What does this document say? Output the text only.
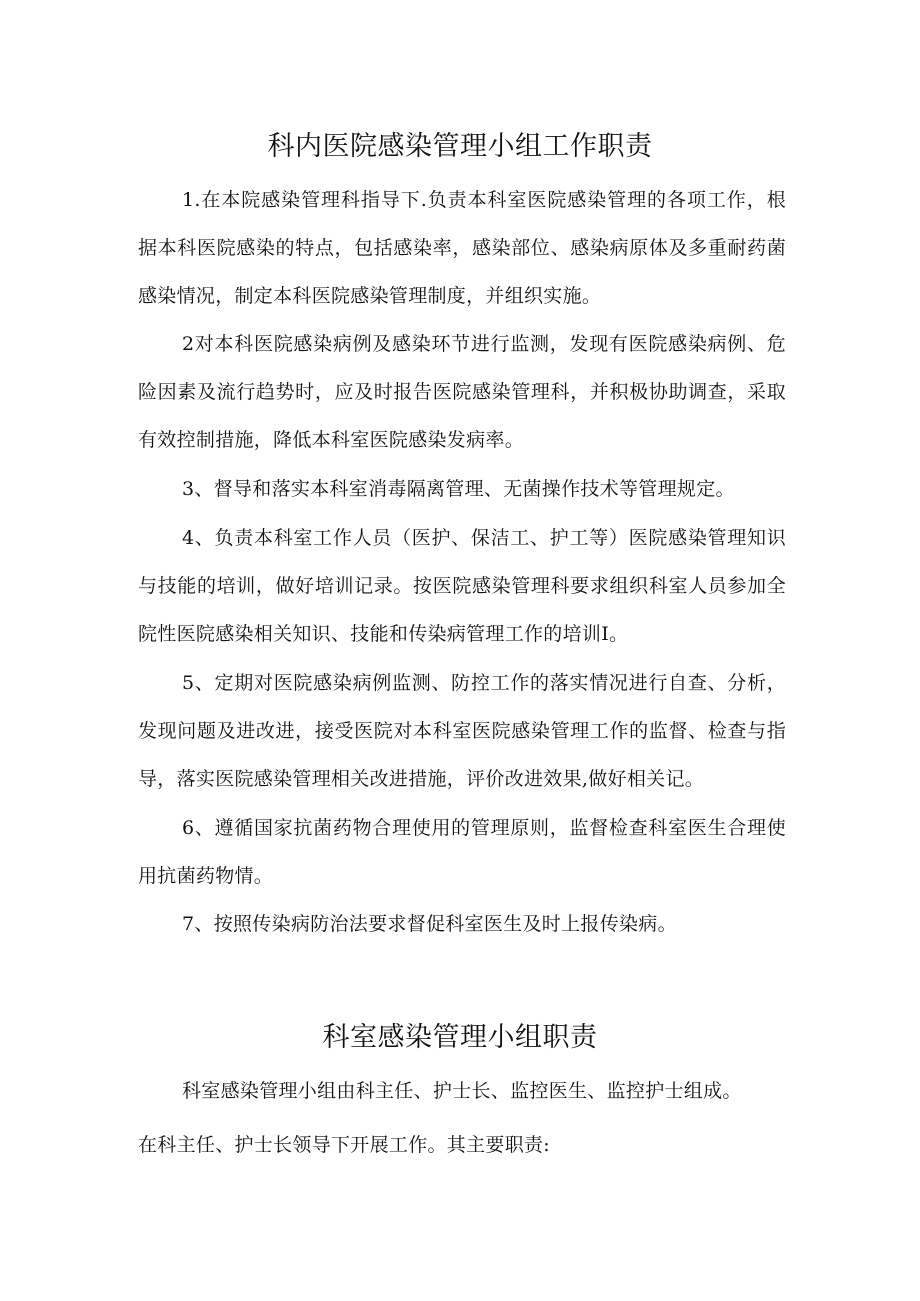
科内医院感染管理小组工作职责

1.在本院感染管理科指导下.负责本科室医院感染管理的各项工作，根据本科医院感染的特点，包括感染率，感染部位、感染病原体及多重耐药菌感染情况，制定本科医院感染管理制度，并组织实施。

2对本科医院感染病例及感染环节进行监测，发现有医院感染病例、危险因素及流行趋势时，应及时报告医院感染管理科，并积极协助调查，采取有效控制措施，降低本科室医院感染发病率。

3、督导和落实本科室消毒隔离管理、无菌操作技术等管理规定。

4、负责本科室工作人员（医护、保洁工、护工等）医院感染管理知识与技能的培训，做好培训记录。按医院感染管理科要求组织科室人员参加全院性医院感染相关知识、技能和传染病管理工作的培训I。

5、定期对医院感染病例监测、防控工作的落实情况进行自查、分析，发现问题及进改进，接受医院对本科室医院感染管理工作的监督、检查与指导，落实医院感染管理相关改进措施，评价改进效果,做好相关记。

6、遵循国家抗菌药物合理使用的管理原则，监督检查科室医生合理使用抗菌药物情。

7、按照传染病防治法要求督促科室医生及时上报传染病。

科室感染管理小组职责

科室感染管理小组由科主任、护士长、监控医生、监控护士组成。

在科主任、护士长领导下开展工作。其主要职责:
